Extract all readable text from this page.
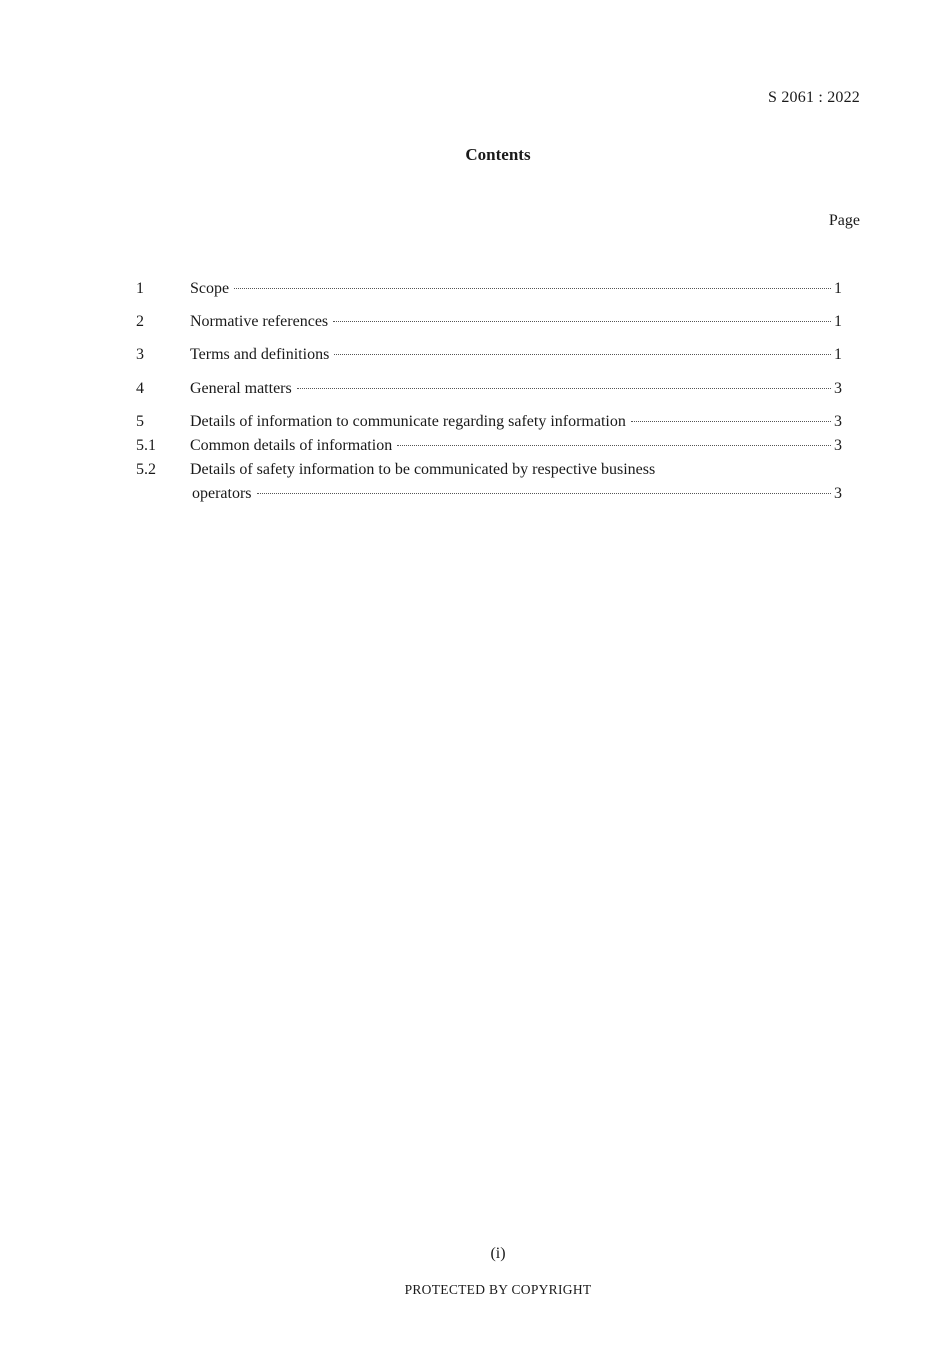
S 2061 : 2022
Contents
Page
1	Scope	1
2	Normative references	1
3	Terms and definitions	1
4	General matters	3
5	Details of information to communicate regarding safety information	3
5.1 Common details of information	3
5.2 Details of safety information to be communicated by respective business
operators	3
(i)
PROTECTED BY COPYRIGHT
